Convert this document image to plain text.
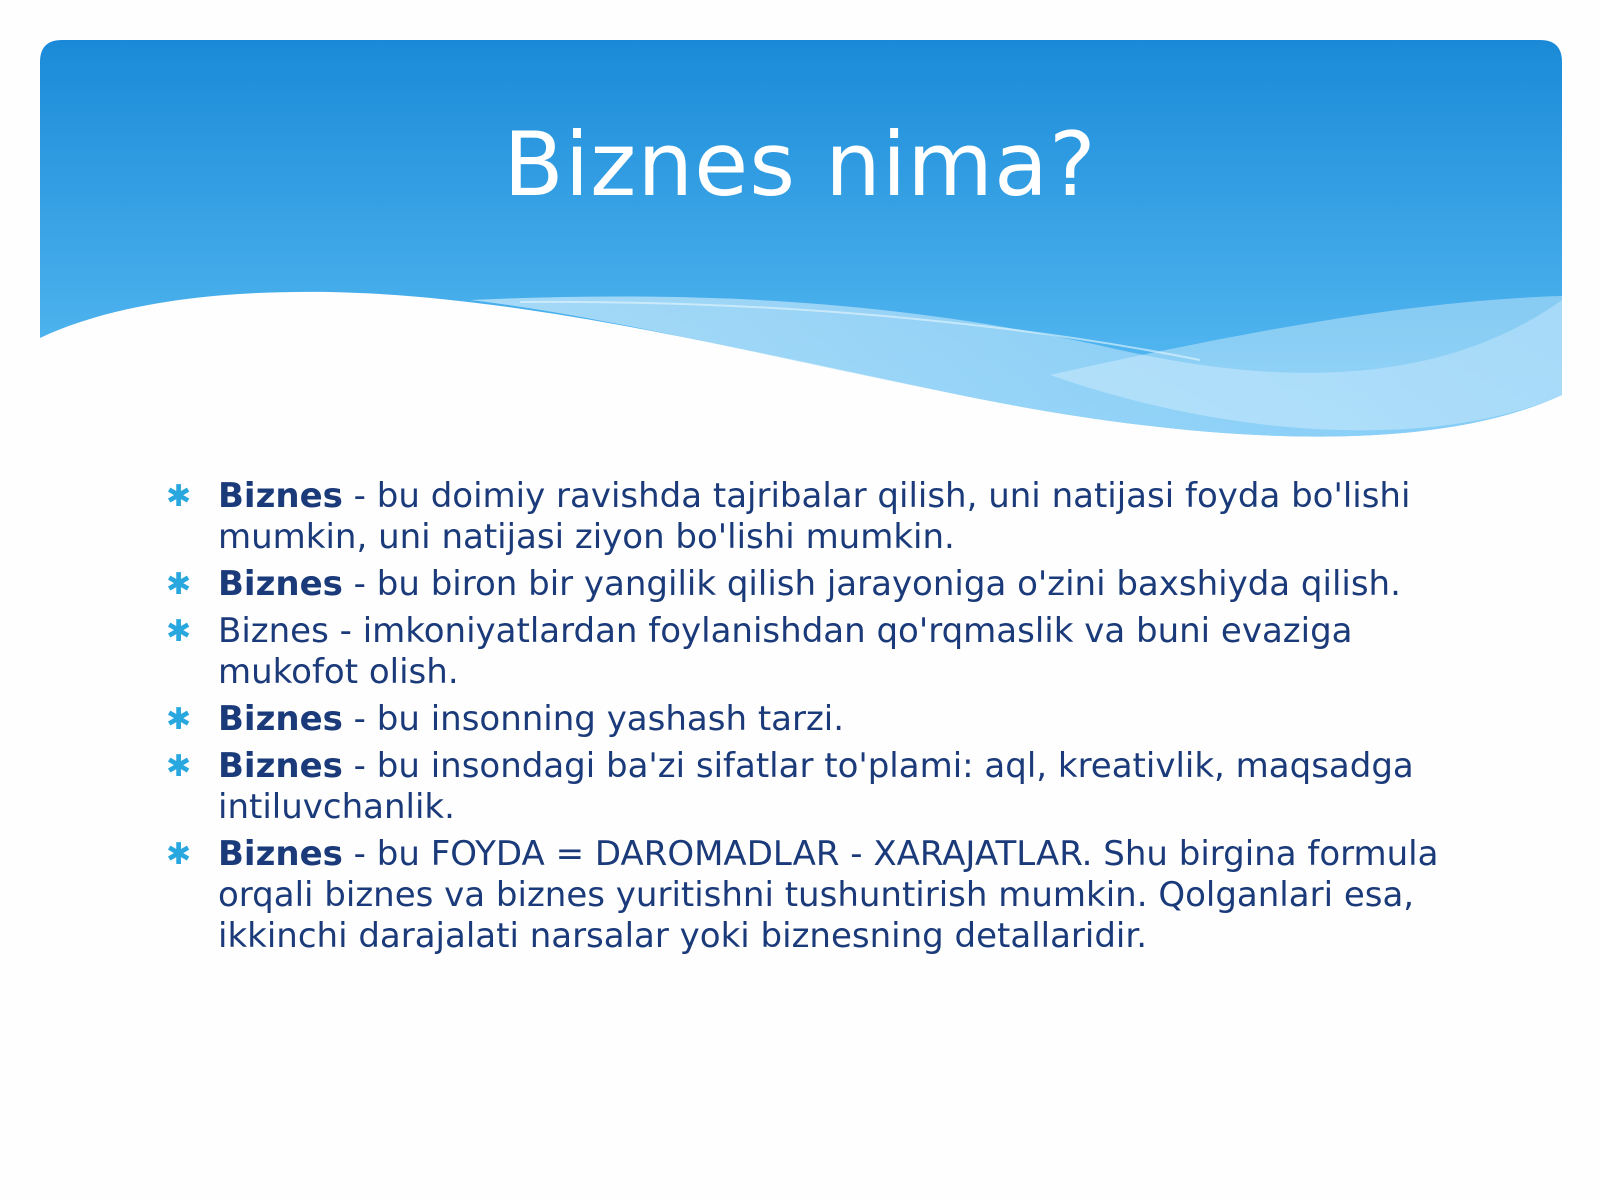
Biznes nima?
✱ Biznes - bu doimiy ravishda tajribalar qilish, uni natijasi foyda bo'lishi mumkin, uni natijasi ziyon bo'lishi mumkin.
✱ Biznes - bu biron bir yangilik qilish jarayoniga o'zini baxshiyda qilish.
✱ Biznes - imkoniyatlardan foylanishdan qo'rqmaslik va buni evaziga mukofot olish.
✱ Biznes - bu insonning yashash tarzi.
✱ Biznes - bu insondagi ba'zi sifatlar to'plami: aql, kreativlik, maqsadga intiluvchanlik.
✱ Biznes - bu FOYDA = DAROMADLAR - XARAJATLAR. Shu birgina formula orqali biznes va biznes yuritishni tushuntirish mumkin. Qolganlari esa, ikkinchi darajalati narsalar yoki biznesning detallaridir.
